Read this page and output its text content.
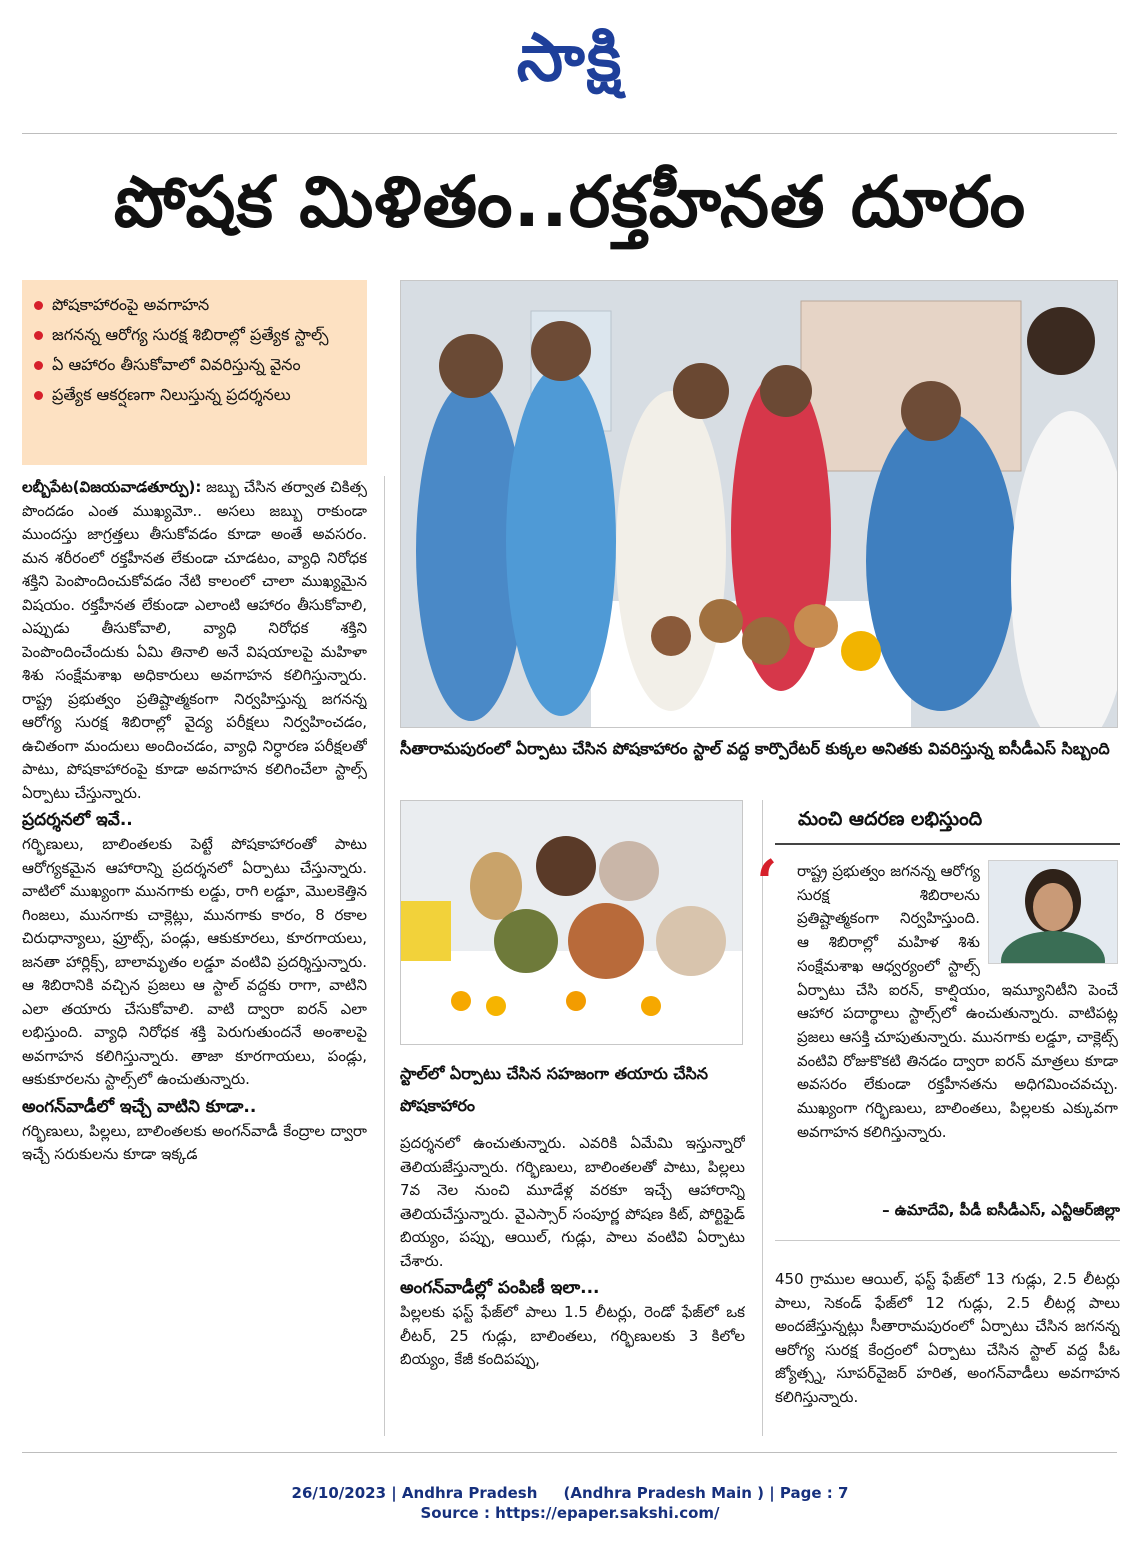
సాక్షి
పోషక మిళితం..రక్తహీనత దూరం
పోషకాహారంపై అవగాహన
జగనన్న ఆరోగ్య సురక్ష శిబిరాల్లో ప్రత్యేక స్టాల్స్
ఏ ఆహారం తీసుకోవాలో వివరిస్తున్న వైనం
ప్రత్యేక ఆకర్షణగా నిలుస్తున్న ప్రదర్శనలు

లబ్బీపేట(విజయవాడతూర్పు): జబ్బు చేసిన తర్వాత చికిత్స పొందడం ఎంత ముఖ్యమో.. అసలు జబ్బు రాకుండా ముందస్తు జాగ్రత్తలు తీసుకోవడం కూడా అంతే అవసరం. మన శరీరంలో రక్తహీనత లేకుండా చూడటం, వ్యాధి నిరోధక శక్తిని పెంపొందించుకోవడం నేటి కాలంలో చాలా ముఖ్యమైన విషయం. రక్తహీనత లేకుండా ఎలాంటి ఆహారం తీసుకోవాలి, ఎప్పుడు తీసుకోవాలి, వ్యాధి నిరోధక శక్తిని పెంపొందించేందుకు ఏమి తినాలి అనే విషయాలపై మహిళా శిశు సంక్షేమశాఖ అధికారులు అవగాహన కలిగిస్తున్నారు. రాష్ట్ర ప్రభుత్వం ప్రతిష్టాత్మకంగా నిర్వహిస్తున్న జగనన్న ఆరోగ్య సురక్ష శిబిరాల్లో వైద్య పరీక్షలు నిర్వహించడం, ఉచితంగా మందులు అందించడం, వ్యాధి నిర్ధారణ పరీక్షలతో పాటు, పోషకాహారంపై కూడా అవగాహన కలిగించేలా స్టాల్స్ ఏర్పాటు చేస్తున్నారు.

ప్రదర్శనలో ఇవే..

గర్భిణులు, బాలింతలకు పెట్టే పోషకాహారంతో పాటు ఆరోగ్యకమైన ఆహారాన్ని ప్రదర్శనలో ఏర్పాటు చేస్తున్నారు. వాటిలో ముఖ్యంగా మునగాకు లడ్డు, రాగి లడ్డూ, మొలకెత్తిన గింజలు, మునగాకు చాక్లెట్లు, మునగాకు కారం, 8 రకాల చిరుధాన్యాలు, ఫ్రూట్స్, పండ్లు, ఆకుకూరలు, కూరగాయలు, జనతా హార్లిక్స్, బాలామృతం లడ్డూ వంటివి ప్రదర్శిస్తున్నారు. ఆ శిబిరానికి వచ్చిన ప్రజలు ఆ స్టాల్ వద్దకు రాగా, వాటిని ఎలా తయారు చేసుకోవాలి. వాటి ద్వారా ఐరన్ ఎలా లభిస్తుంది. వ్యాధి నిరోధక శక్తి పెరుగుతుందనే అంశాలపై అవగాహన కలిగిస్తున్నారు. తాజా కూరగాయలు, పండ్లు, ఆకుకూరలను స్టాల్స్‌లో ఉంచుతున్నారు.

అంగన్‌వాడీలో ఇచ్చే వాటిని కూడా..

గర్భిణులు, పిల్లలు, బాలింతలకు అంగన్‌వాడీ కేంద్రాల ద్వారా ఇచ్చే సరుకులను కూడా ఇక్కడ

సీతారామపురంలో ఏర్పాటు చేసిన పోషకాహారం స్టాల్ వద్ద కార్పొరేటర్ కుక్కల అనితకు వివరిస్తున్న ఐసీడీఎస్ సిబ్బంది
స్టాల్‌లో ఏర్పాటు చేసిన సహజంగా తయారు చేసిన పోషకాహారం

ప్రదర్శనలో ఉంచుతున్నారు. ఎవరికి ఏమేమి ఇస్తున్నారో తెలియజేస్తున్నారు. గర్భిణులు, బాలింతలతో పాటు, పిల్లలు 7వ నెల నుంచి మూడేళ్ల వరకూ ఇచ్చే ఆహారాన్ని తెలియచేస్తున్నారు. వైఎస్సార్ సంపూర్ణ పోషణ కిట్, పోర్టిఫైడ్ బియ్యం, పప్పు, ఆయిల్, గుడ్లు, పాలు వంటివి ఏర్పాటు చేశారు.

అంగన్‌వాడీల్లో పంపిణీ ఇలా...

పిల్లలకు ఫస్ట్ ఫేజ్‌లో పాలు 1.5 లీటర్లు, రెండో ఫేజ్‌లో ఒక లీటర్, 25 గుడ్లు, బాలింతలు, గర్భిణులకు 3 కిలోల బియ్యం, కేజీ కందిపప్పు,

మంచి ఆదరణ లభిస్తుంది
‘ రాష్ట్ర ప్రభుత్వం జగనన్న ఆరోగ్య సురక్ష శిబిరాలను ప్రతిష్టాత్మకంగా నిర్వహిస్తుంది. ఆ శిబిరాల్లో మహిళ శిశు సంక్షేమశాఖ ఆధ్వర్యంలో స్టాల్స్ ఏర్పాటు చేసి ఐరన్, కాల్షియం, ఇమ్యూనిటీని పెంచే ఆహార పదార్థాలు స్టాల్స్‌లో ఉంచుతున్నారు. వాటిపట్ల ప్రజలు ఆసక్తి చూపుతున్నారు. మునగాకు లడ్డూ, చాక్లెట్స్ వంటివి రోజుకొకటి తినడం ద్వారా ఐరన్ మాత్రలు కూడా అవసరం లేకుండా రక్తహీనతను అధిగమించవచ్చు. ముఖ్యంగా గర్భిణులు, బాలింతలు, పిల్లలకు ఎక్కువగా అవగాహన కలిగిస్తున్నారు.
– ఉమాదేవి, పీడీ ఐసీడీఎస్, ఎన్టీఆర్‌జిల్లా

450 గ్రాముల ఆయిల్, ఫస్ట్ ఫేజ్‌లో 13 గుడ్లు, 2.5 లీటర్లు పాలు, సెకండ్ ఫేజ్‌లో 12 గుడ్లు, 2.5 లీటర్ల పాలు అందజేస్తున్నట్లు సీతారామపురంలో ఏర్పాటు చేసిన జగనన్న ఆరోగ్య సురక్ష కేంద్రంలో ఏర్పాటు చేసిన స్టాల్ వద్ద పీఓ జ్యోత్స్న, సూపర్‌వైజర్ హరిత, అంగన్‌వాడీలు అవగాహన కలిగిస్తున్నారు.

26/10/2023 | Andhra Pradesh     (Andhra Pradesh Main ) | Page : 7
Source : https://epaper.sakshi.com/
